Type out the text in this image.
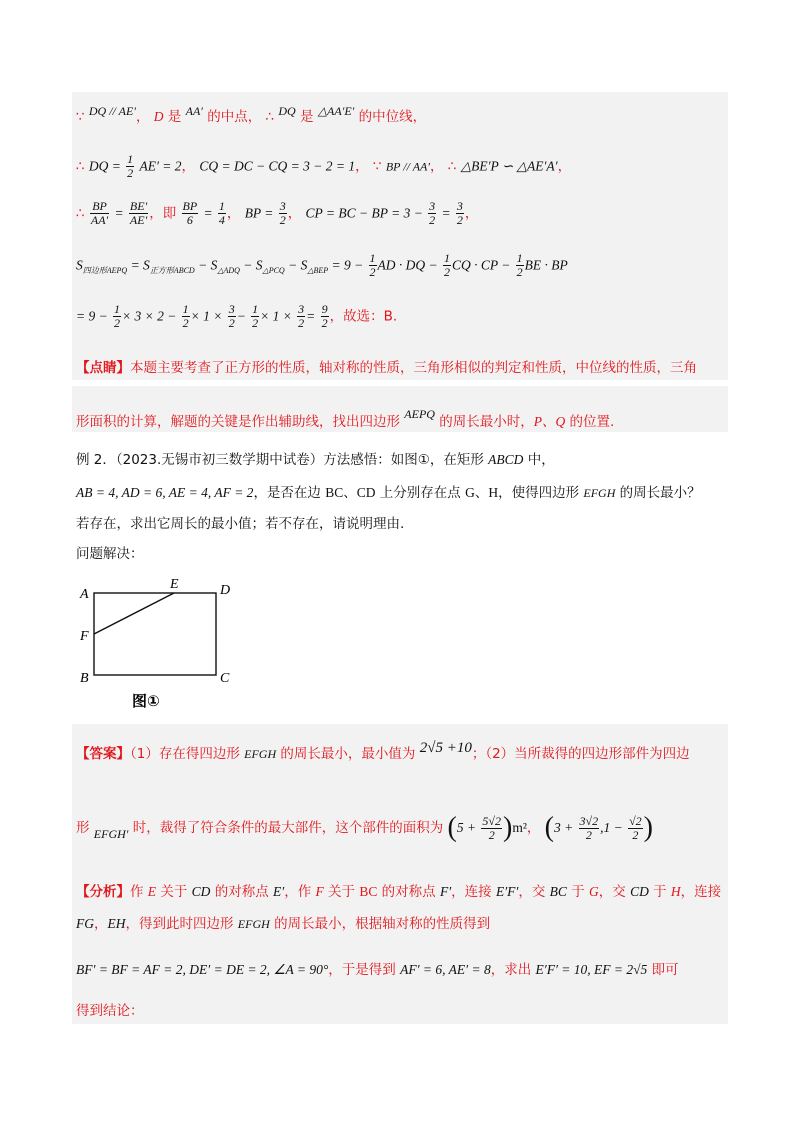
∵ DQ // AE′， D 是 AA′ 的中点， ∴ DQ 是 △AA′E′ 的中位线，
∴ DQ = $\frac{1}{2} AE' = 2$， CQ = DC − CQ = 3 − 2 = 1， ∵ BP // AA′， ∴ △BE′P ∽ △AE′A′，
∴ $\frac{BP}{AA'} = \frac{BE'}{AE'}$ ，即 $\frac{BP}{6} = \frac{1}{4}$ ， BP = $\frac{3}{2}$ ， CP = BC − BP = $3 - \frac{3}{2} = \frac{3}{2}$ ，
$S_{四边形AEPQ} = S_{正方形ABCD} - S_{\triangle ADQ} - S_{\triangle PCQ} - S_{\triangle BEP} = 9 - \frac{1}{2}$ AD · DQ − $\frac{1}{2}$ CQ · CP − $\frac{1}{2}$ BE · BP
= $9 - \frac{1}{2} \times 3 \times 2 - \frac{1}{2} \times 1 \times \frac{3}{2} - \frac{1}{2} \times 1 \times \frac{3}{2} = \frac{9}{2}$ ，故选：B.
【点睛】本题主要考查了正方形的性质，轴对称的性质，三角形相似的判定和性质，中位线的性质，三角
形面积的计算，解题的关键是作出辅助线，找出四边形 AEPQ 的周长最小时，P、Q 的位置.
例 2．（2023.无锡市初三数学期中试卷）方法感悟：如图①，在矩形 ABCD 中，
AB = 4, AD = 6, AE = 4, AF = 2，是否在边 BC、CD 上分别存在点 G、H，使得四边形 EFGH 的周长最小？
若存在，求出它周长的最小值；若不存在，请说明理由.
问题解决：
A	D
E
F
B	C
图①
【答案】（1）存在得四边形 EFGH 的周长最小，最小值为 2√5 +10；（2）当所裁得的四边形部件为四边
形 EFGH′ 时，裁得了符合条件的最大部件，这个部件的面积为 $(5 + \frac{5√2}{2} )m^2$， ($3 + \frac{3√2}{2} ,1 - \frac{√2}{2}$ )
【分析】作 E 关于 CD 的对称点 E′，作 F 关于 BC 的对称点 F′，连接 E′F′，交 BC 于 G，交 CD 于 H，连接
FG，EH，得到此时四边形 EFGH 的周长最小，根据轴对称的性质得到
BF′ = BF = AF = 2, DE′ = DE = 2, ∠A = 90°，于是得到 AF′ = 6, AE′ = 8，求出 E′F′ = 10, EF = 2√5 即可
得到结论：
